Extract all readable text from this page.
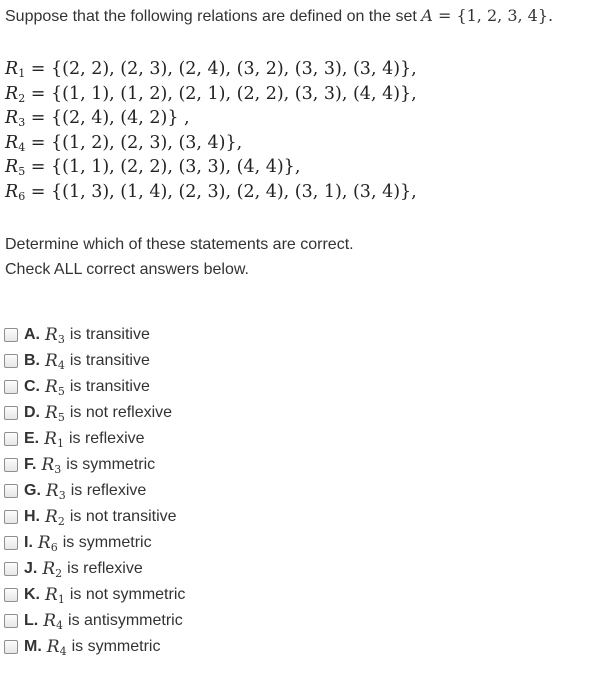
Suppose that the following relations are defined on the set A = {1, 2, 3, 4}.
$R_1 = \{(2$, 2), (2, 3), (2, 4), (3, 2), (3, 3), (3, 4)},
$R_2 = \{(1$, 1), (1, 2), (2, 1), (2, 2), (3, 3), (4, 4)},
$R_3 = \{(2$, 4), (4, 2)} ,
$R_4 = \{(1$, 2), (2, 3), (3, 4)},
$R_5 = \{(1$, 1), (2, 2), (3, 3), (4, 4)},
$R_6 = \{(1$, 3), (1, 4), (2, 3), (2, 4), (3, 1), (3, 4)},
Determine which of these statements are correct.
Check ALL correct answers below.
A. $R_3$ is transitive
B. $R_4$ is transitive
C. $R_5$ is transitive
D. $R_5$ is not reflexive
E. $R_1$ is reflexive
F. $R_3$ is symmetric
G. $R_3$ is reflexive
H. $R_2$ is not transitive
I. $R_6$ is symmetric
J. $R_2$ is reflexive
K. $R_1$ is not symmetric
L. $R_4$ is antisymmetric
M. $R_4$ is symmetric
